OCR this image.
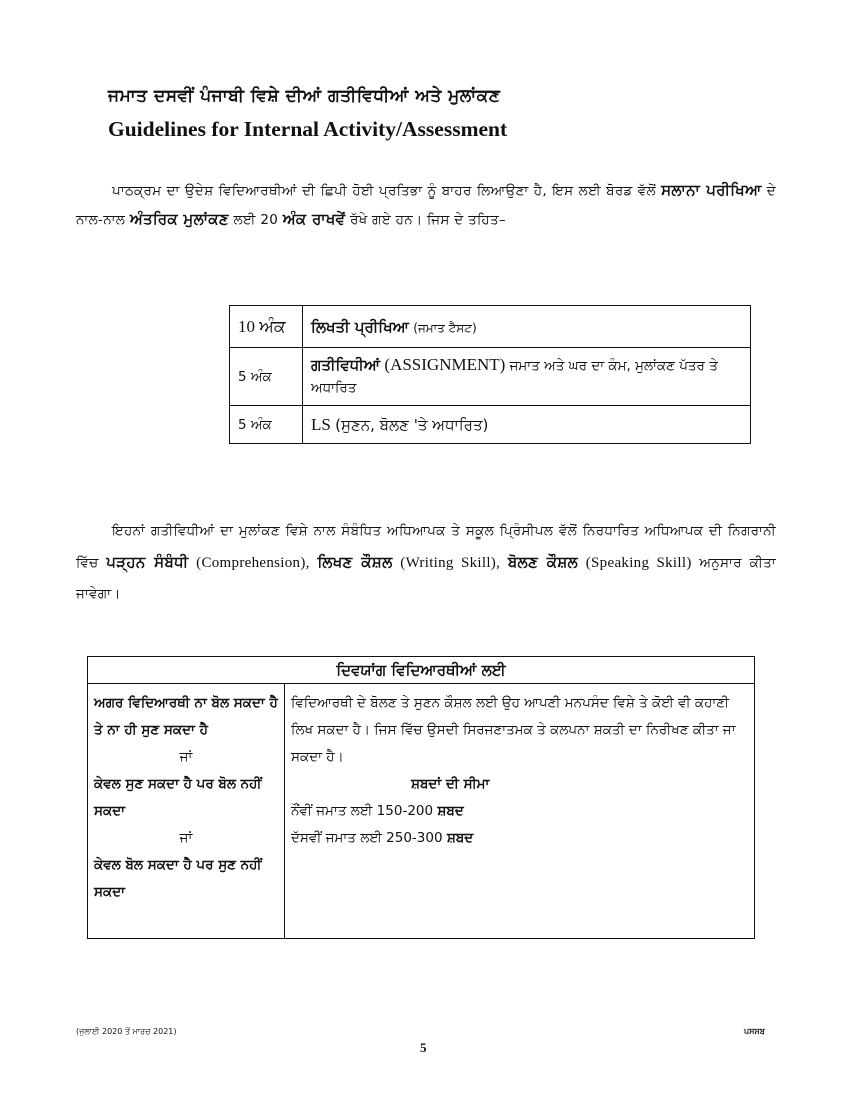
ਜਮਾਤ ਦਸਵੀਂ ਪੰਜਾਬੀ ਵਿਸ਼ੇ ਦੀਆਂ ਗਤੀਵਿਧੀਆਂ ਅਤੇ ਮੁਲਾਂਕਣ
Guidelines for Internal Activity/Assessment
ਪਾਠਕ੍ਰਮ ਦਾ ਉਦੇਸ਼ ਵਿਦਿਆਰਥੀਆਂ ਦੀ ਛਿਪੀ ਹੋਈ ਪ੍ਰਤਿਭਾ ਨੂੰ ਬਾਹਰ ਲਿਆਉਣਾ ਹੈ, ਇਸ ਲਈ ਬੋਰਡ ਵੱਲੋਂ ਸਲਾਨਾ ਪਰੀਖਿਆ ਦੇ ਨਾਲ-ਨਾਲ ਅੰਤਰਿਕ ਮੁਲਾਂਕਣ ਲਈ 20 ਅੰਕ ਰਾਖਵੇਂ ਰੱਖੇ ਗਏ ਹਨ। ਜਿਸ ਦੇ ਤਹਿਤ–
10 ਅੰਕ	ਲਿਖਤੀ ਪ੍ਰੀਖਿਆ (ਜਮਾਤ ਟੈਸਟ)
5 ਅੰਕ	ਗਤੀਵਿਧੀਆਂ (ASSIGNMENT) ਜਮਾਤ ਅਤੇ ਘਰ ਦਾ ਕੰਮ, ਮੁਲਾਂਕਣ ਪੱਤਰ ਤੇ ਅਧਾਰਿਤ
5 ਅੰਕ	LS (ਸੁਣਨ, ਬੋਲਣ 'ਤੇ ਅਧਾਰਿਤ)
ਇਹਨਾਂ ਗਤੀਵਿਧੀਆਂ ਦਾ ਮੁਲਾਂਕਣ ਵਿਸ਼ੇ ਨਾਲ ਸੰਬੰਧਿਤ ਅਧਿਆਪਕ ਤੇ ਸਕੂਲ ਪ੍ਰਿੰਸੀਪਲ ਵੱਲੋਂ ਨਿਰਧਾਰਿਤ ਅਧਿਆਪਕ ਦੀ ਨਿਗਰਾਨੀ ਵਿੱਚ ਪੜ੍ਹਨ ਸੰਬੰਧੀ (Comprehension), ਲਿਖਣ ਕੌਸ਼ਲ (Writing Skill), ਬੋਲਣ ਕੌਸ਼ਲ (Speaking Skill) ਅਨੁਸਾਰ ਕੀਤਾ ਜਾਵੇਗਾ।
ਦਿਵਯਾਂਗ ਵਿਦਿਆਰਥੀਆਂ ਲਈ
ਅਗਰ ਵਿਦਿਆਰਥੀ ਨਾ ਬੋਲ ਸਕਦਾ ਹੈ ਤੇ ਨਾ ਹੀ ਸੁਣ ਸਕਦਾ ਹੈ
ਜਾਂ
ਕੇਵਲ ਸੁਣ ਸਕਦਾ ਹੈ ਪਰ ਬੋਲ ਨਹੀਂ ਸਕਦਾ
ਜਾਂ
ਕੇਵਲ ਬੋਲ ਸਕਦਾ ਹੈ ਪਰ ਸੁਣ ਨਹੀਂ ਸਕਦਾ	ਵਿਦਿਆਰਥੀ ਦੇ ਬੋਲਣ ਤੇ ਸੁਣਨ ਕੌਸ਼ਲ ਲਈ ਉਹ ਆਪਣੀ ਮਨਪਸੰਦ ਵਿਸ਼ੇ ਤੇ ਕੋਈ ਵੀ ਕਹਾਣੀ ਲਿਖ ਸਕਦਾ ਹੈ। ਜਿਸ ਵਿੱਚ ਉਸਦੀ ਸਿਰਜਣਾਤਮਕ ਤੇ ਕਲਪਨਾ ਸ਼ਕਤੀ ਦਾ ਨਿਰੀਖਣ ਕੀਤਾ ਜਾ ਸਕਦਾ ਹੈ।
ਸ਼ਬਦਾਂ ਦੀ ਸੀਮਾ
ਨੌਂਵੀਂ ਜਮਾਤ ਲਈ 150-200 ਸ਼ਬਦ
ਦੱਸਵੀਂ ਜਮਾਤ ਲਈ 250-300 ਸ਼ਬਦ
(ਜੁਲਾਈ 2020 ਤੋਂ ਮਾਰਚ 2021)
5
ਪਸਸਬ
